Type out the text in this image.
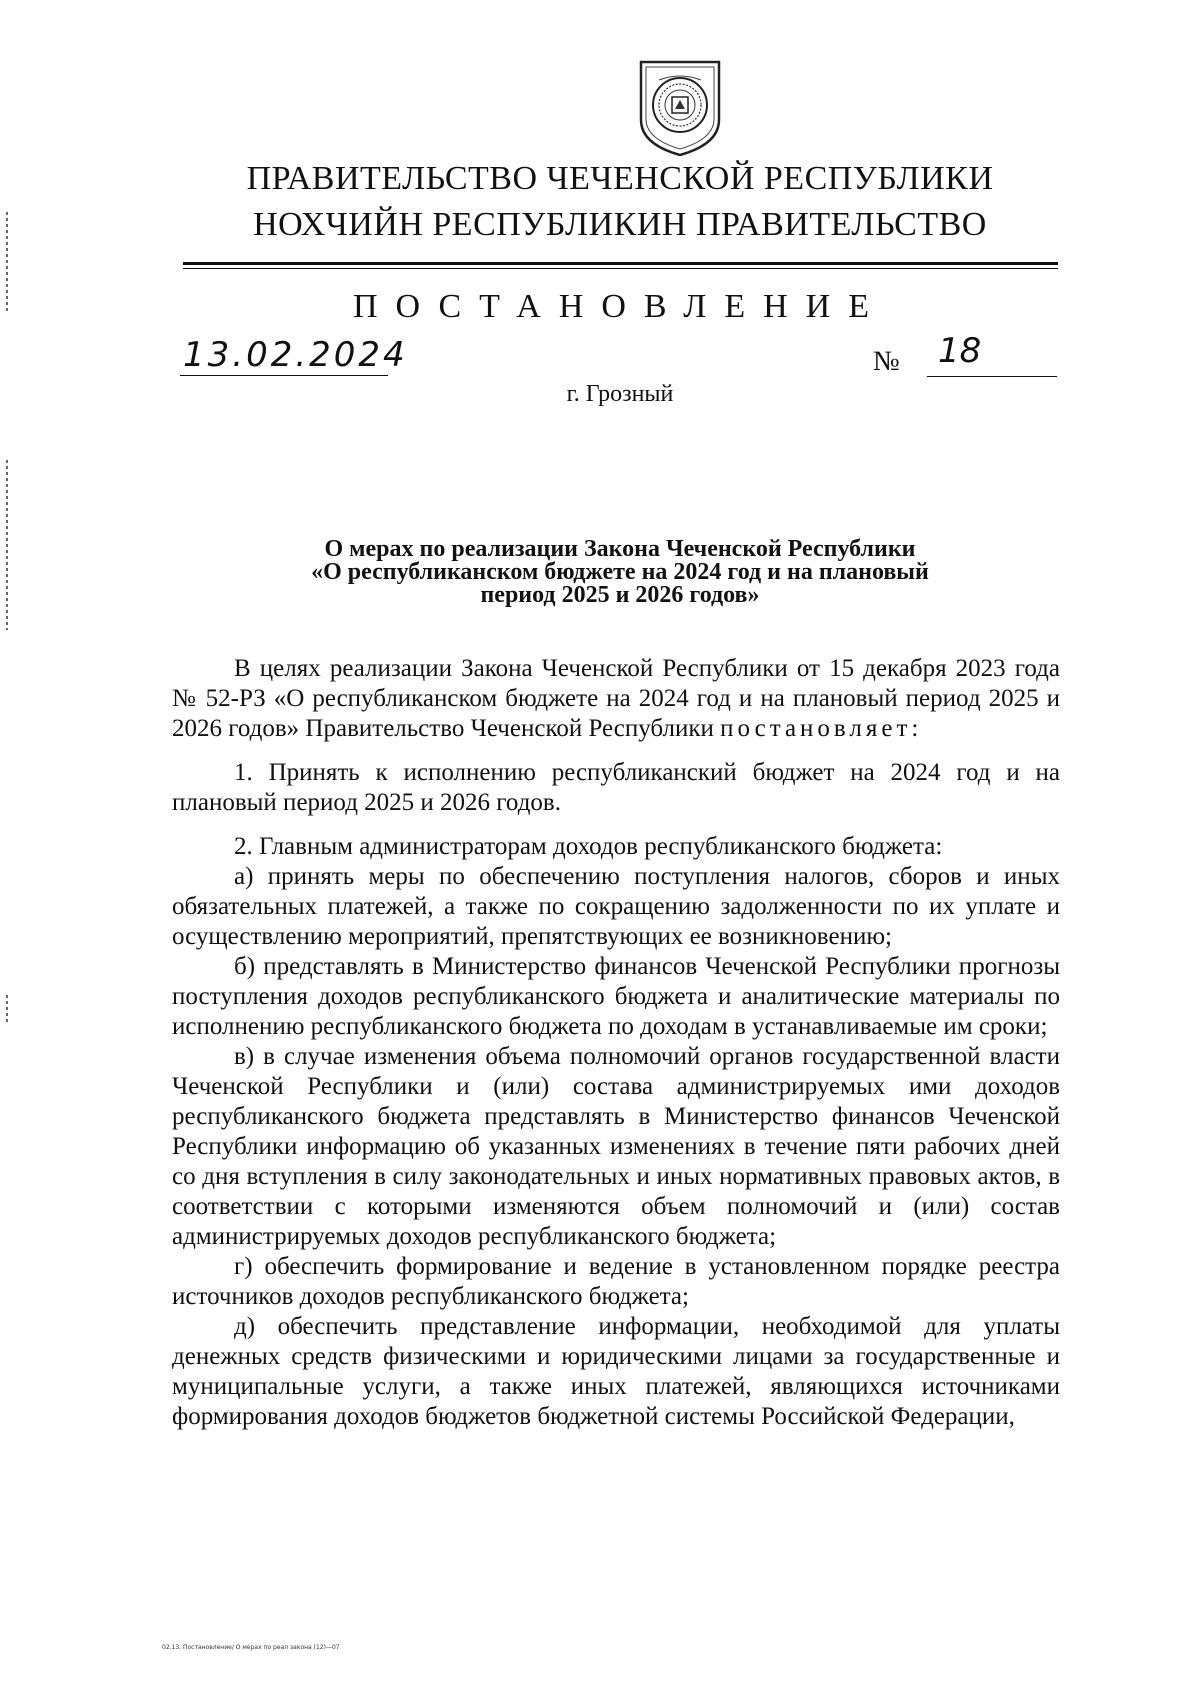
ПРАВИТЕЛЬСТВО ЧЕЧЕНСКОЙ РЕСПУБЛИКИ
НОХЧИЙН РЕСПУБЛИКИН ПРАВИТЕЛЬСТВО
ПОСТАНОВЛЕНИЕ
13.02.2024	№ 18
г. Грозный
О мерах по реализации Закона Чеченской Республики
«О республиканском бюджете на 2024 год и на плановый
период 2025 и 2026 годов»

В целях реализации Закона Чеченской Республики от 15 декабря 2023 года № 52-РЗ «О республиканском бюджете на 2024 год и на плановый период 2025 и 2026 годов» Правительство Чеченской Республики постановляет:

1. Принять к исполнению республиканский бюджет на 2024 год и на плановый период 2025 и 2026 годов.

2. Главным администраторам доходов республиканского бюджета:

а) принять меры по обеспечению поступления налогов, сборов и иных обязательных платежей, а также по сокращению задолженности по их уплате и осуществлению мероприятий, препятствующих ее возникновению;

б) представлять в Министерство финансов Чеченской Республики прогнозы поступления доходов республиканского бюджета и аналитические материалы по исполнению республиканского бюджета по доходам в устанавливаемые им сроки;

в) в случае изменения объема полномочий органов государственной власти Чеченской Республики и (или) состава администрируемых ими доходов республиканского бюджета представлять в Министерство финансов Чеченской Республики информацию об указанных изменениях в течение пяти рабочих дней со дня вступления в силу законодательных и иных нормативных правовых актов, в соответствии с которыми изменяются объем полномочий и (или) состав администрируемых доходов республиканского бюджета;

г) обеспечить формирование и ведение в установленном порядке реестра источников доходов республиканского бюджета;

д) обеспечить представление информации, необходимой для уплаты денежных средств физическими и юридическими лицами за государственные и муниципальные услуги, а также иных платежей, являющихся источниками формирования доходов бюджетов бюджетной системы Российской Федерации,

02.13. Постановление/ О мерах по реал закона (12)—07
